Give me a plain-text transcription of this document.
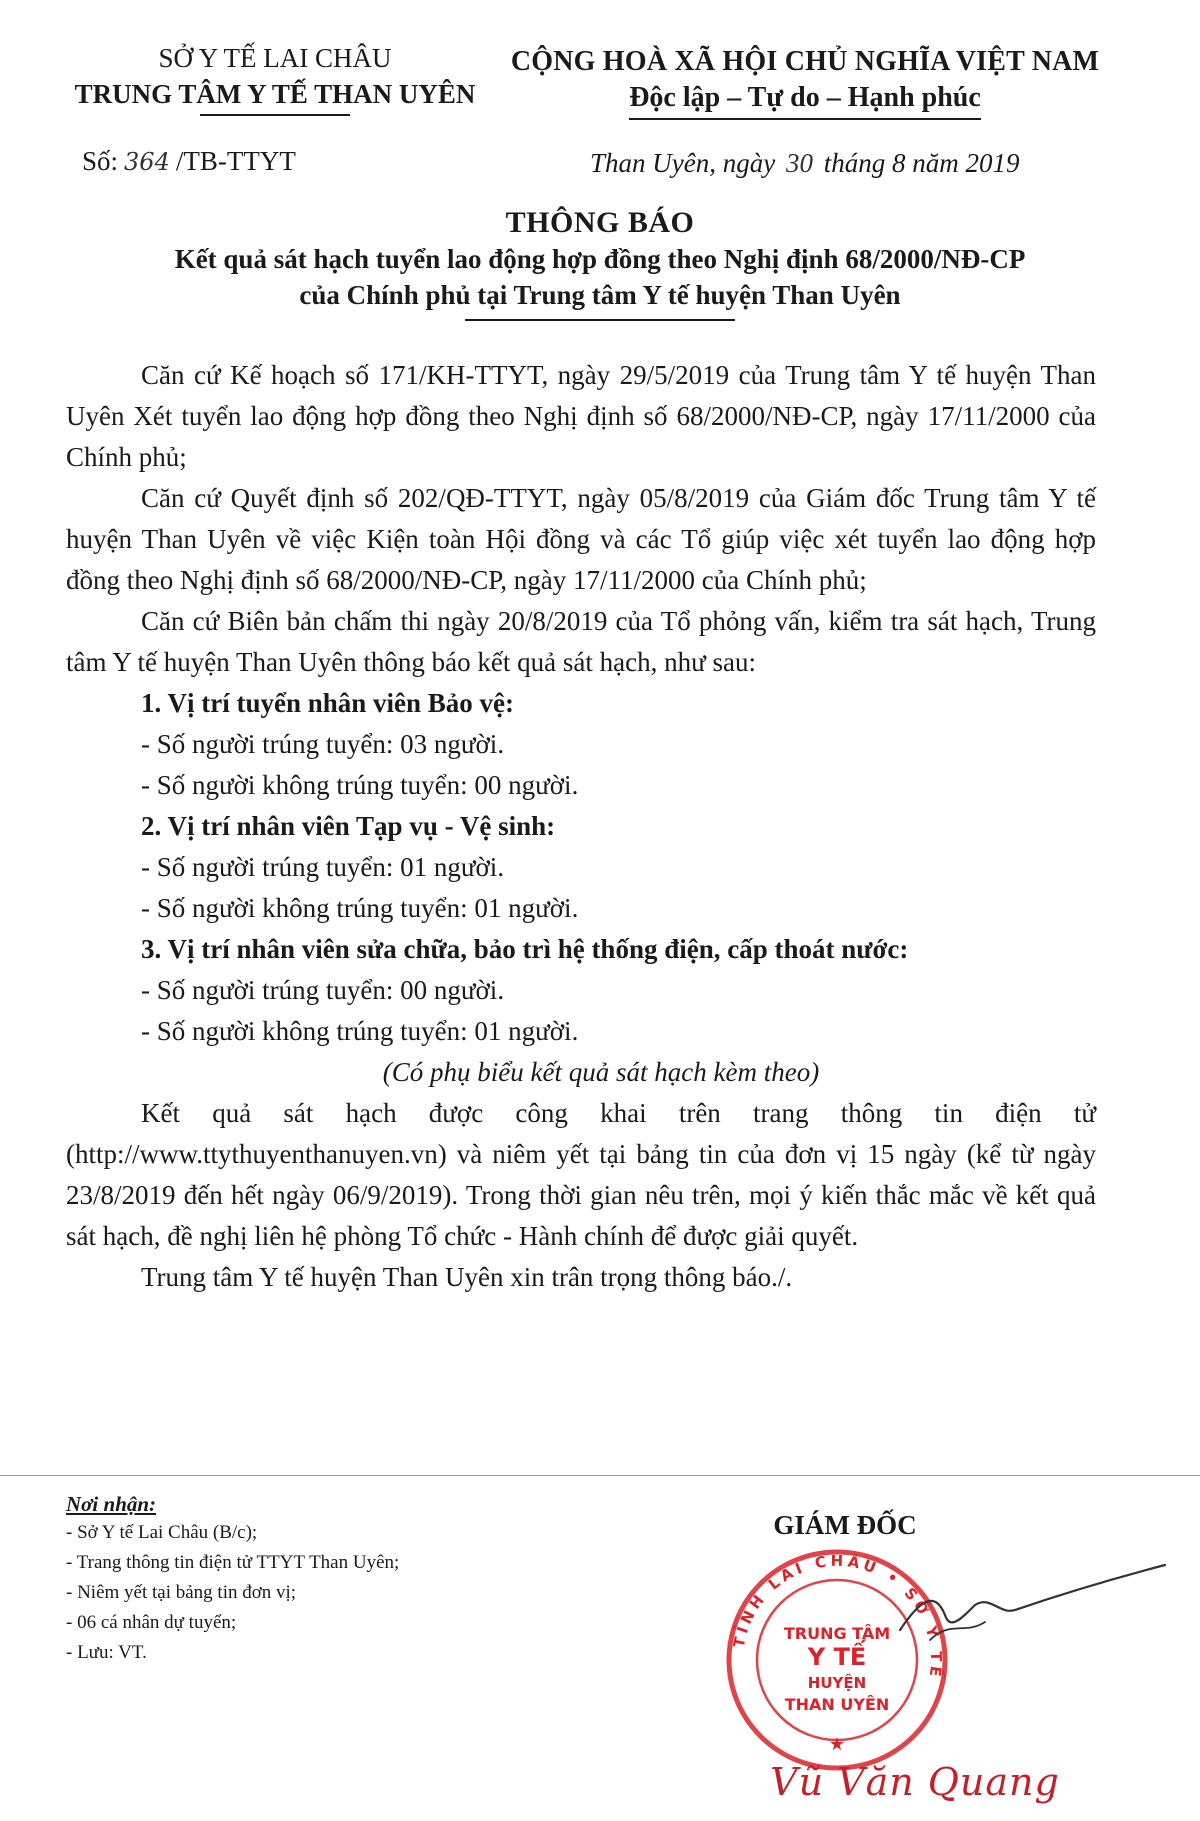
SỞ Y TẾ LAI CHÂU
TRUNG TÂM Y TẾ THAN UYÊN
CỘNG HOÀ XÃ HỘI CHỦ NGHĨA VIỆT NAM
Độc lập – Tự do – Hạnh phúc
Số: 364 /TB-TTYT	Than Uyên, ngày 30 tháng 8 năm 2019
THÔNG BÁO
Kết quả sát hạch tuyển lao động hợp đồng theo Nghị định 68/2000/NĐ-CP
của Chính phủ tại Trung tâm Y tế huyện Than Uyên

Căn cứ Kế hoạch số 171/KH-TTYT, ngày 29/5/2019 của Trung tâm Y tế huyện Than Uyên Xét tuyển lao động hợp đồng theo Nghị định số 68/2000/NĐ-CP, ngày 17/11/2000 của Chính phủ;

Căn cứ Quyết định số 202/QĐ-TTYT, ngày 05/8/2019 của Giám đốc Trung tâm Y tế huyện Than Uyên về việc Kiện toàn Hội đồng và các Tổ giúp việc xét tuyển lao động hợp đồng theo Nghị định số 68/2000/NĐ-CP, ngày 17/11/2000 của Chính phủ;

Căn cứ Biên bản chấm thi ngày 20/8/2019 của Tổ phỏng vấn, kiểm tra sát hạch, Trung tâm Y tế huyện Than Uyên thông báo kết quả sát hạch, như sau:

1. Vị trí tuyển nhân viên Bảo vệ:
- Số người trúng tuyển: 03 người.
- Số người không trúng tuyển: 00 người.
2. Vị trí nhân viên Tạp vụ - Vệ sinh:
- Số người trúng tuyển: 01 người.
- Số người không trúng tuyển: 01 người.
3. Vị trí nhân viên sửa chữa, bảo trì hệ thống điện, cấp thoát nước:
- Số người trúng tuyển: 00 người.
- Số người không trúng tuyển: 01 người.
(Có phụ biểu kết quả sát hạch kèm theo)

Kết quả sát hạch được công khai trên trang thông tin điện tử (http://www.ttythuyenthanuyen.vn) và niêm yết tại bảng tin của đơn vị 15 ngày (kể từ ngày 23/8/2019 đến hết ngày 06/9/2019). Trong thời gian nêu trên, mọi ý kiến thắc mắc về kết quả sát hạch, đề nghị liên hệ phòng Tổ chức - Hành chính để được giải quyết.

Trung tâm Y tế huyện Than Uyên xin trân trọng thông báo./.

Nơi nhận:
- Sở Y tế Lai Châu (B/c);
- Trang thông tin điện tử TTYT Than Uyên;
- Niêm yết tại bảng tin đơn vị;
- 06 cá nhân dự tuyển;
- Lưu: VT.
GIÁM ĐỐC
TỈNH LAI CHÂU • SỞ Y TẾ
TRUNG TÂM
Y TẾ
HUYỆN
THAN UYÊN
★
Vũ Văn Quang
